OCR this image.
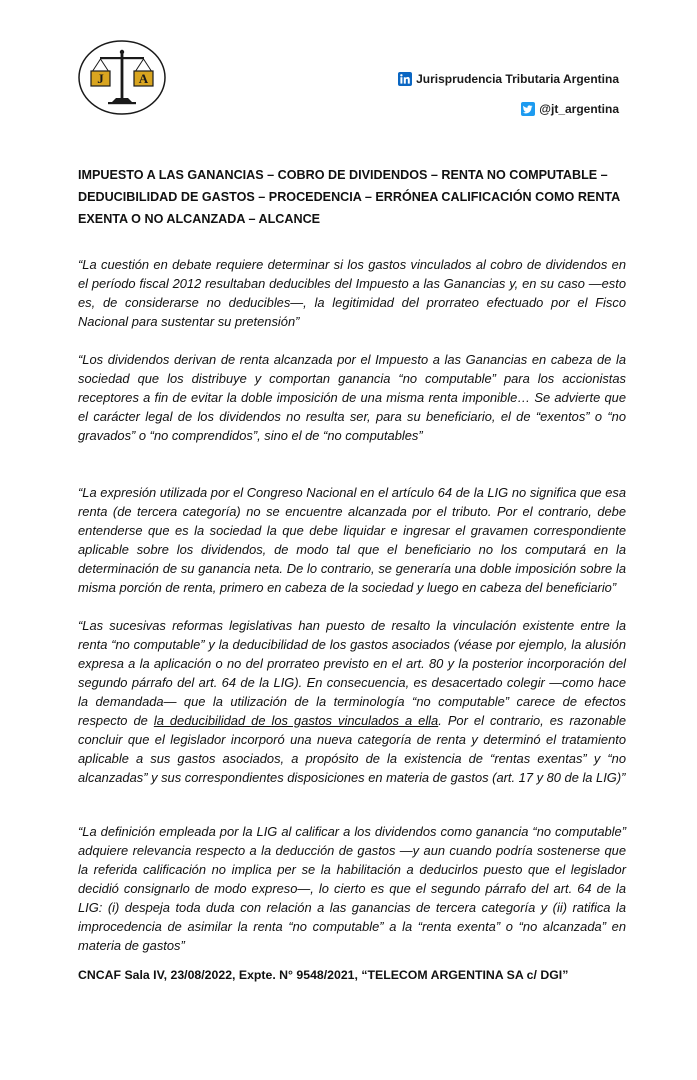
J	A	Jurisprudencia Tributaria Argentina
@jt_argentina

IMPUESTO A LAS GANANCIAS – COBRO DE DIVIDENDOS – RENTA NO COMPUTABLE – DEDUCIBILIDAD DE GASTOS – PROCEDENCIA – ERRÓNEA CALIFICACIÓN COMO RENTA EXENTA O NO ALCANZADA – ALCANCE

“La cuestión en debate requiere determinar si los gastos vinculados al cobro de dividendos en el período fiscal 2012 resultaban deducibles del Impuesto a las Ganancias y, en su caso —esto es, de considerarse no deducibles—, la legitimidad del prorrateo efectuado por el Fisco Nacional para sustentar su pretensión”

“Los dividendos derivan de renta alcanzada por el Impuesto a las Ganancias en cabeza de la sociedad que los distribuye y comportan ganancia “no computable” para los accionistas receptores a fin de evitar la doble imposición de una misma renta imponible… Se advierte que el carácter legal de los dividendos no resulta ser, para su beneficiario, el de “exentos” o “no gravados” o “no comprendidos”, sino el de “no computables”

“La expresión utilizada por el Congreso Nacional en el artículo 64 de la LIG no significa que esa renta (de tercera categoría) no se encuentre alcanzada por el tributo. Por el contrario, debe entenderse que es la sociedad la que debe liquidar e ingresar el gravamen correspondiente aplicable sobre los dividendos, de modo tal que el beneficiario no los computará en la determinación de su ganancia neta. De lo contrario, se generaría una doble imposición sobre la misma porción de renta, primero en cabeza de la sociedad y luego en cabeza del beneficiario”

“Las sucesivas reformas legislativas han puesto de resalto la vinculación existente entre la renta “no computable” y la deducibilidad de los gastos asociados (véase por ejemplo, la alusión expresa a la aplicación o no del prorrateo previsto en el art. 80 y la posterior incorporación del segundo párrafo del art. 64 de la LIG). En consecuencia, es desacertado colegir —como hace la demandada— que la utilización de la terminología “no computable” carece de efectos respecto de la deducibilidad de los gastos vinculados a ella. Por el contrario, es razonable concluir que el legislador incorporó una nueva categoría de renta y determinó el tratamiento aplicable a sus gastos asociados, a propósito de la existencia de “rentas exentas” y “no alcanzadas” y sus correspondientes disposiciones en materia de gastos (art. 17 y 80 de la LIG)”

“La definición empleada por la LIG al calificar a los dividendos como ganancia “no computable” adquiere relevancia respecto a la deducción de gastos —y aun cuando podría sostenerse que la referida calificación no implica per se la habilitación a deducirlos puesto que el legislador decidió consignarlo de modo expreso—, lo cierto es que el segundo párrafo del art. 64 de la LIG: (i) despeja toda duda con relación a las ganancias de tercera categoría y (ii) ratifica la improcedencia de asimilar la renta “no computable” a la “renta exenta” o “no alcanzada” en materia de gastos”

CNCAF Sala IV, 23/08/2022, Expte. N° 9548/2021, “TELECOM ARGENTINA SA c/ DGI”
